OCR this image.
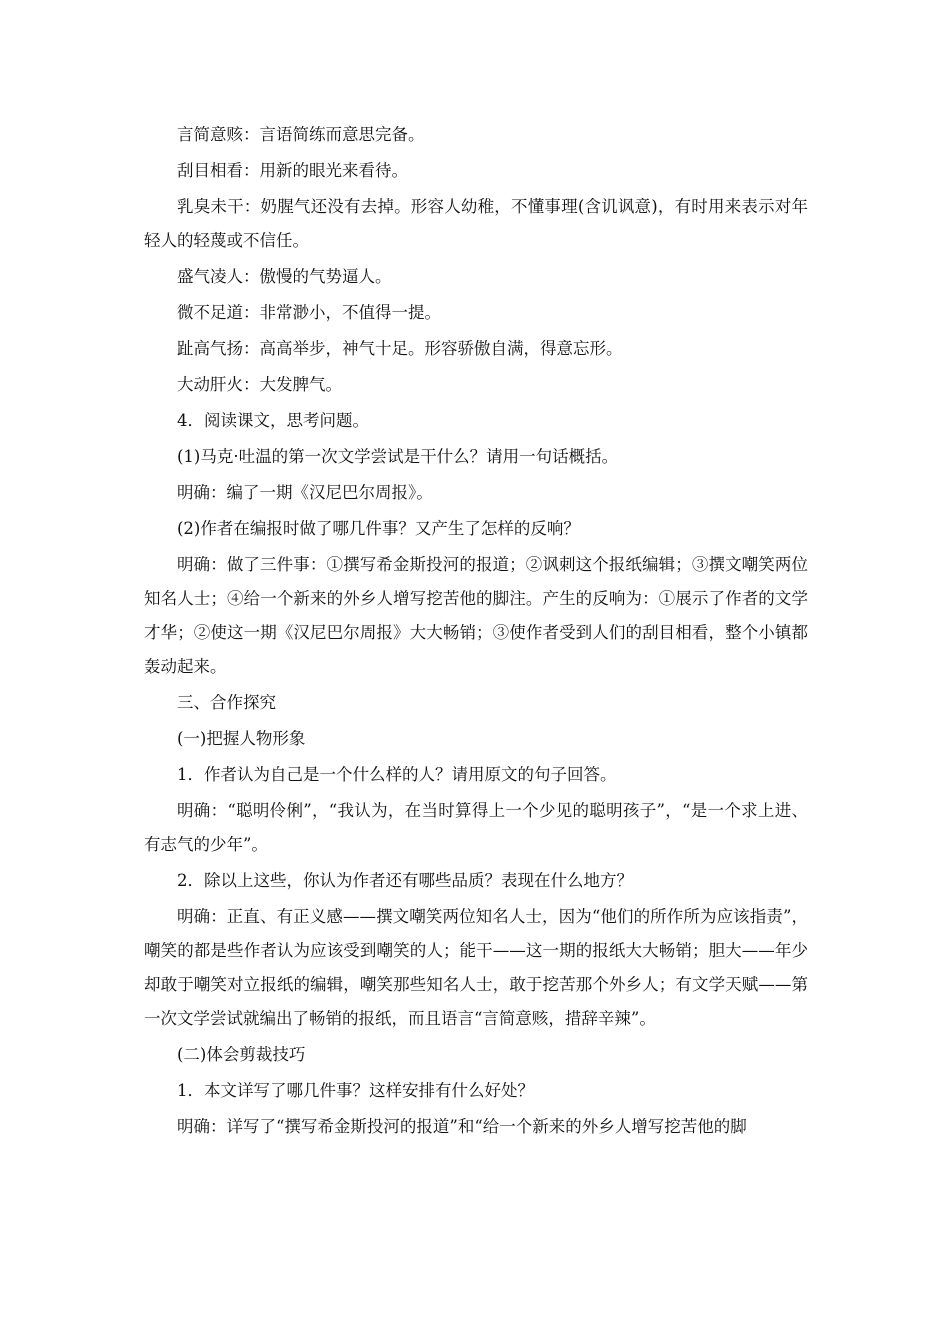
言简意赅：言语简练而意思完备。

刮目相看：用新的眼光来看待。

乳臭未干：奶腥气还没有去掉。形容人幼稚，不懂事理(含讥讽意)，有时用来表示对年轻人的轻蔑或不信任。

盛气凌人：傲慢的气势逼人。

微不足道：非常渺小，不值得一提。

趾高气扬：高高举步，神气十足。形容骄傲自满，得意忘形。

大动肝火：大发脾气。

4．阅读课文，思考问题。

(1)马克·吐温的第一次文学尝试是干什么？请用一句话概括。

明确：编了一期《汉尼巴尔周报》。

(2)作者在编报时做了哪几件事？又产生了怎样的反响？

明确：做了三件事：①撰写希金斯投河的报道；②讽刺这个报纸编辑；③撰文嘲笑两位知名人士；④给一个新来的外乡人增写挖苦他的脚注。产生的反响为：①展示了作者的文学才华；②使这一期《汉尼巴尔周报》大大畅销；③使作者受到人们的刮目相看，整个小镇都轰动起来。

三、合作探究

(一)把握人物形象

1．作者认为自己是一个什么样的人？请用原文的句子回答。

明确：“聪明伶俐”，“我认为，在当时算得上一个少见的聪明孩子”，“是一个求上进、有志气的少年”。

2．除以上这些，你认为作者还有哪些品质？表现在什么地方？

明确：正直、有正义感——撰文嘲笑两位知名人士，因为“他们的所作所为应该指责”，嘲笑的都是些作者认为应该受到嘲笑的人；能干——这一期的报纸大大畅销；胆大——年少却敢于嘲笑对立报纸的编辑，嘲笑那些知名人士，敢于挖苦那个外乡人；有文学天赋——第一次文学尝试就编出了畅销的报纸，而且语言“言简意赅，措辞辛辣”。

(二)体会剪裁技巧

1．本文详写了哪几件事？这样安排有什么好处？

明确：详写了“撰写希金斯投河的报道”和“给一个新来的外乡人增写挖苦他的脚
